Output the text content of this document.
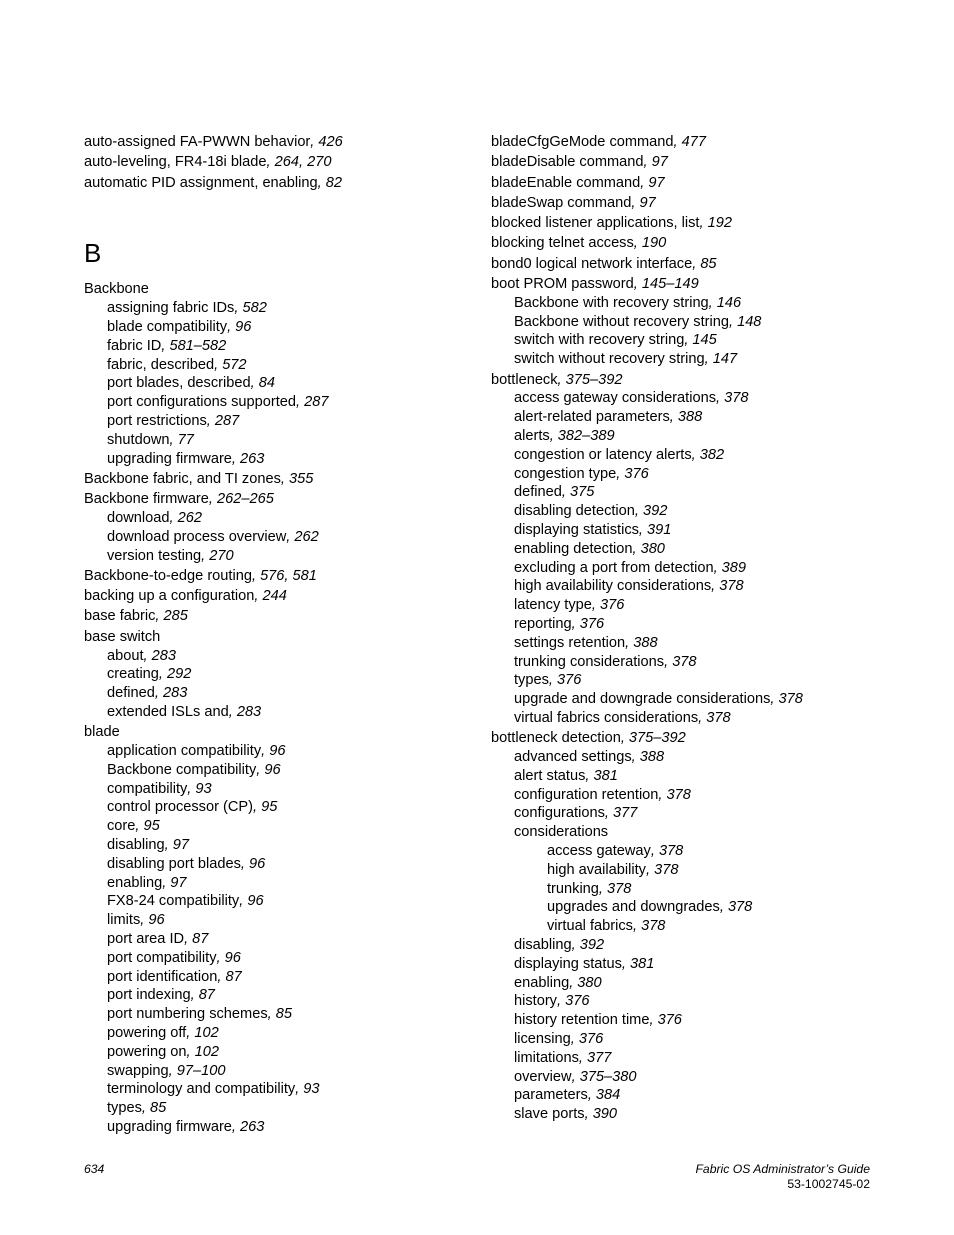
auto-assigned FA-PWWN behavior, 426
auto-leveling, FR4-18i blade, 264, 270
automatic PID assignment, enabling, 82
B
Backbone
assigning fabric IDs, 582
blade compatibility, 96
fabric ID, 581–582
fabric, described, 572
port blades, described, 84
port configurations supported, 287
port restrictions, 287
shutdown, 77
upgrading firmware, 263
Backbone fabric, and TI zones, 355
Backbone firmware, 262–265
download, 262
download process overview, 262
version testing, 270
Backbone-to-edge routing, 576, 581
backing up a configuration, 244
base fabric, 285
base switch
about, 283
creating, 292
defined, 283
extended ISLs and, 283
blade
application compatibility, 96
Backbone compatibility, 96
compatibility, 93
control processor (CP), 95
core, 95
disabling, 97
disabling port blades, 96
enabling, 97
FX8-24 compatibility, 96
limits, 96
port area ID, 87
port compatibility, 96
port identification, 87
port indexing, 87
port numbering schemes, 85
powering off, 102
powering on, 102
swapping, 97–100
terminology and compatibility, 93
types, 85
upgrading firmware, 263
bladeCfgGeMode command, 477
bladeDisable command, 97
bladeEnable command, 97
bladeSwap command, 97
blocked listener applications, list, 192
blocking telnet access, 190
bond0 logical network interface, 85
boot PROM password, 145–149
Backbone with recovery string, 146
Backbone without recovery string, 148
switch with recovery string, 145
switch without recovery string, 147
bottleneck, 375–392
access gateway considerations, 378
alert-related parameters, 388
alerts, 382–389
congestion or latency alerts, 382
congestion type, 376
defined, 375
disabling detection, 392
displaying statistics, 391
enabling detection, 380
excluding a port from detection, 389
high availability considerations, 378
latency type, 376
reporting, 376
settings retention, 388
trunking considerations, 378
types, 376
upgrade and downgrade considerations, 378
virtual fabrics considerations, 378
bottleneck detection, 375–392
advanced settings, 388
alert status, 381
configuration retention, 378
configurations, 377
considerations
access gateway, 378
high availability, 378
trunking, 378
upgrades and downgrades, 378
virtual fabrics, 378
disabling, 392
displaying status, 381
enabling, 380
history, 376
history retention time, 376
licensing, 376
limitations, 377
overview, 375–380
parameters, 384
slave ports, 390
634	Fabric OS Administrator’s Guide
53-1002745-02
